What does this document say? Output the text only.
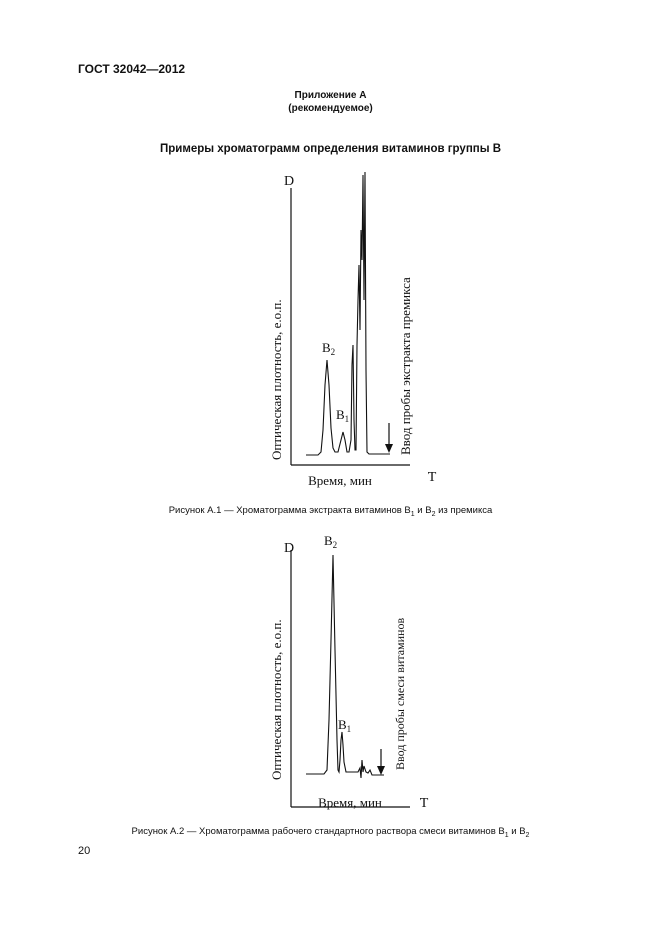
ГОСТ 32042—2012
Приложение А
(рекомендуемое)
Примеры хроматограмм определения витаминов группы В
D
T
Время, мин
Оптическая плотность, е.о.п.	Ввод пробы экстракта премикса
$B_2$
$B_1$
Рисунок А.1 — Хроматограмма экстракта витаминов $В_1$ и $В_2$ из премикса
D
T
Время, мин
Оптическая плотность, е.о.п.	Ввод пробы смеси витаминов
$B_2$
$B_1$
Рисунок А.2 — Хроматограмма рабочего стандартного раствора смеси витаминов $В_1$ и $В_2$
20
